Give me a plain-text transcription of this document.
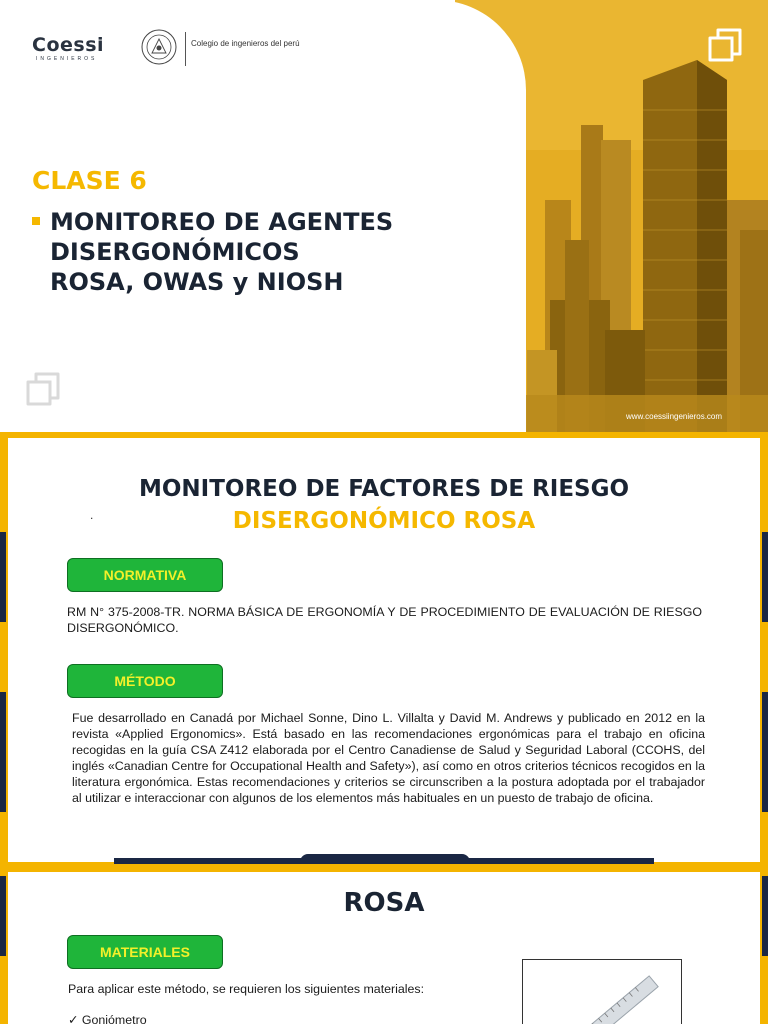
Coessi
INGENIEROS
Colegio de ingenieros del perú
CLASE 6
MONITOREO DE AGENTES
DISERGONÓMICOS
ROSA, OWAS y NIOSH
www.coessiingenieros.com
MONITOREO DE FACTORES DE RIESGO
DISERGONÓMICO ROSA
.
NORMATIVA
RM N° 375-2008-TR. NORMA BÁSICA DE ERGONOMÍA Y DE PROCEDIMIENTO DE EVALUACIÓN DE RIESGO DISERGONÓMICO.
MÉTODO
Fue desarrollado en Canadá por Michael Sonne, Dino L. Villalta y David M. Andrews y publicado en 2012 en la revista «Applied Ergonomics». Está basado en las recomendaciones ergonómicas para el trabajo en oficina recogidas en la guía CSA Z412 elaborada por el Centro Canadiense de Salud y Seguridad Laboral (CCOHS, del inglés «Canadian Centre for Occupational Health and Safety»), así como en otros criterios técnicos recogidos en la literatura ergonómica. Estas recomendaciones y criterios se circunscriben a la postura adoptada por el trabajador al utilizar e interaccionar con algunos de los elementos más habituales en un puesto de trabajo de oficina.
ROSA
MATERIALES
Para aplicar este método, se requieren los siguientes materiales:
✓ Goniómetro
